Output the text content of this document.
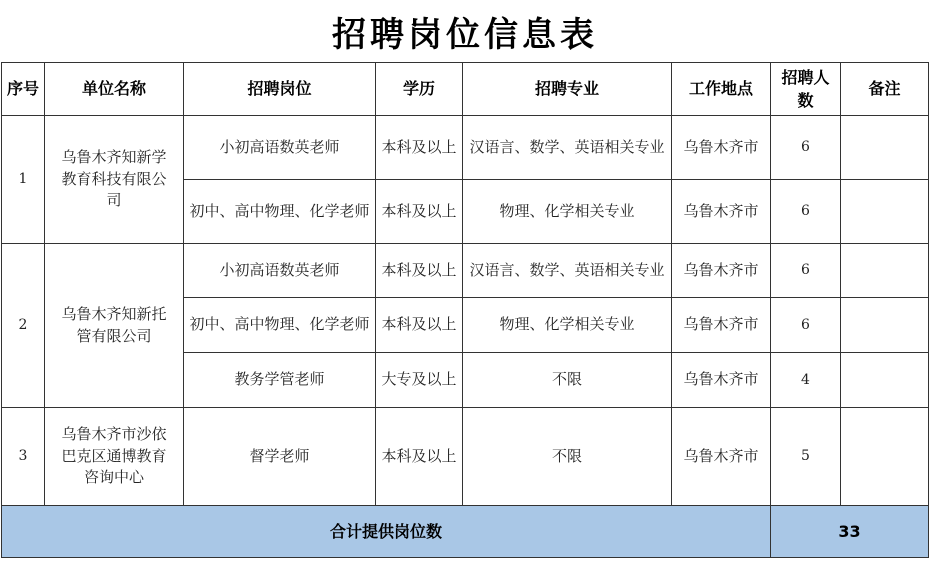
招聘岗位信息表
序号	单位名称	招聘岗位	学历	招聘专业	工作地点	招聘人数	备注
1	乌鲁木齐知新学教育科技有限公司	小初高语数英老师	本科及以上	汉语言、数学、英语相关专业	乌鲁木齐市	6	
		初中、高中物理、化学老师	本科及以上	物理、化学相关专业	乌鲁木齐市	6	
2	乌鲁木齐知新托管有限公司	小初高语数英老师	本科及以上	汉语言、数学、英语相关专业	乌鲁木齐市	6	
		初中、高中物理、化学老师	本科及以上	物理、化学相关专业	乌鲁木齐市	6	
		教务学管老师	大专及以上	不限	乌鲁木齐市	4	
3	乌鲁木齐市沙依巴克区通博教育咨询中心	督学老师	本科及以上	不限	乌鲁木齐市	5	
合计提供岗位数						33	
